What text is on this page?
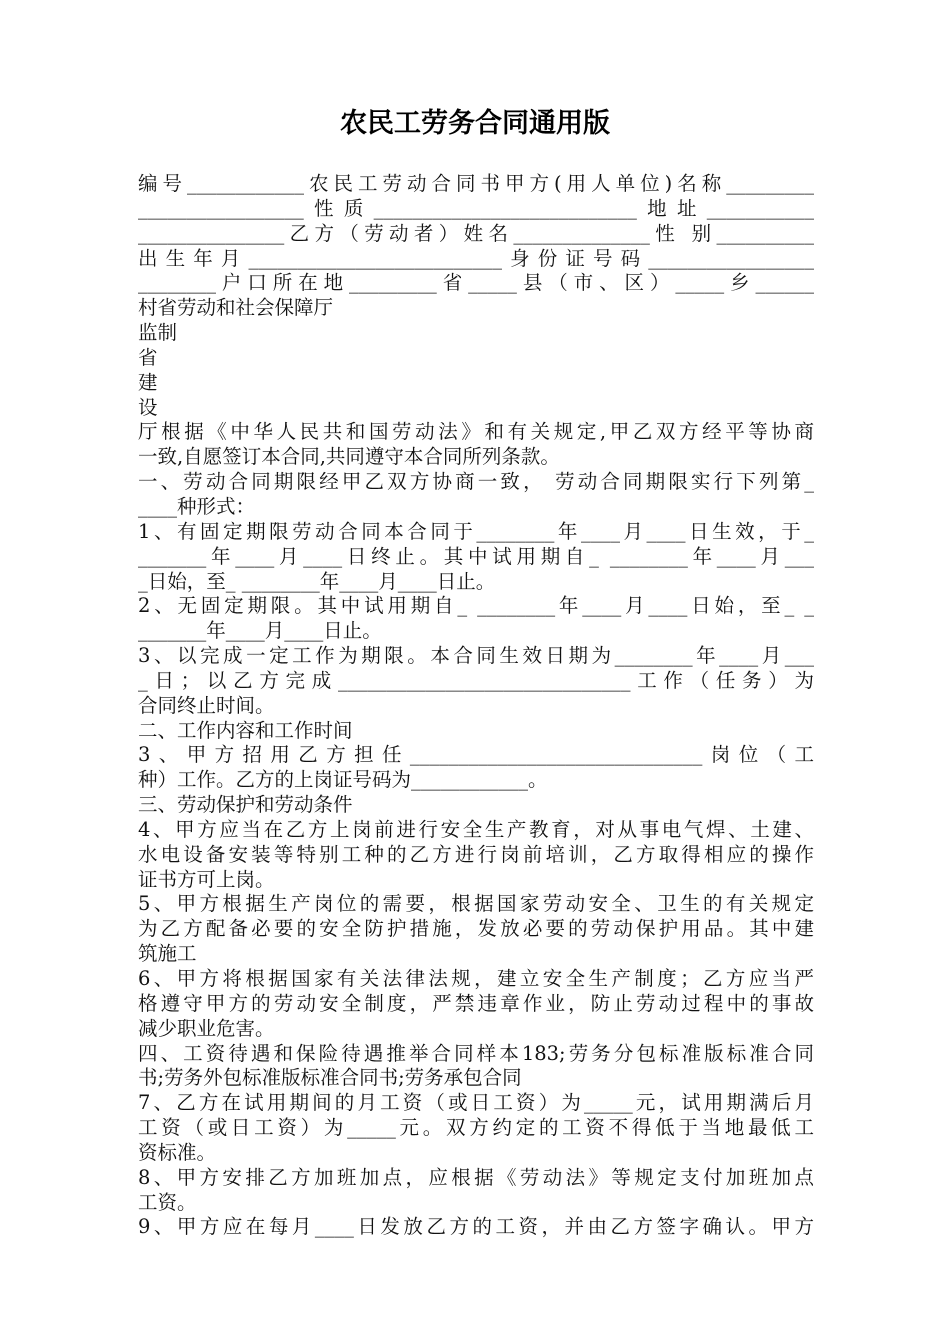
农民工劳务合同通用版
编号____________农民工劳动合同书甲方(用人单位)名称_________
_________________性质___________________________地址___________
_______________乙方（劳动者）姓名______________性 别__________
出生年月__________________________身份证号码_________________
________户口所在地_________省_____县（市、区）_____乡______
村省劳动和社会保障厅
监制
省
建
设
厅根据《中华人民共和国劳动法》和有关规定,甲乙双方经平等协商
一致,自愿签订本合同,共同遵守本合同所列条款。
一、劳动合同期限经甲乙双方协商一致， 劳动合同期限实行下列第_
____种形式：
1、有固定期限劳动合同本合同于________年____月____日生效，于_
_______年____月____日终止。其中试用期自_ ________年____月___
_日始，至_ ________年____月____日止。
2、无固定期限。其中试用期自_ ________年____月____日始，至_ _
_______年____月____日止。
3、以完成一定工作为期限。本合同生效日期为________年____月___
_日；以乙方完成______________________________工作（任务）为
合同终止时间。
二、工作内容和工作时间
3、甲方招用乙方担任______________________________岗位（工
种）工作。乙方的上岗证号码为____________。
三、劳动保护和劳动条件
4、甲方应当在乙方上岗前进行安全生产教育，对从事电气焊、土建、
水电设备安装等特别工种的乙方进行岗前培训，乙方取得相应的操作
证书方可上岗。
5、甲方根据生产岗位的需要，根据国家劳动安全、卫生的有关规定
为乙方配备必要的安全防护措施，发放必要的劳动保护用品。其中建
筑施工
6、甲方将根据国家有关法律法规，建立安全生产制度；乙方应当严
格遵守甲方的劳动安全制度，严禁违章作业，防止劳动过程中的事故
减少职业危害。
四、工资待遇和保险待遇推举合同样本183;劳务分包标准版标准合同
书;劳务外包标准版标准合同书;劳务承包合同
7、乙方在试用期间的月工资（或日工资）为_____元，试用期满后月
工资（或日工资）为_____元。双方约定的工资不得低于当地最低工
资标准。
8、甲方安排乙方加班加点，应根据《劳动法》等规定支付加班加点
工资。
9、甲方应在每月____日发放乙方的工资，并由乙方签字确认。甲方
